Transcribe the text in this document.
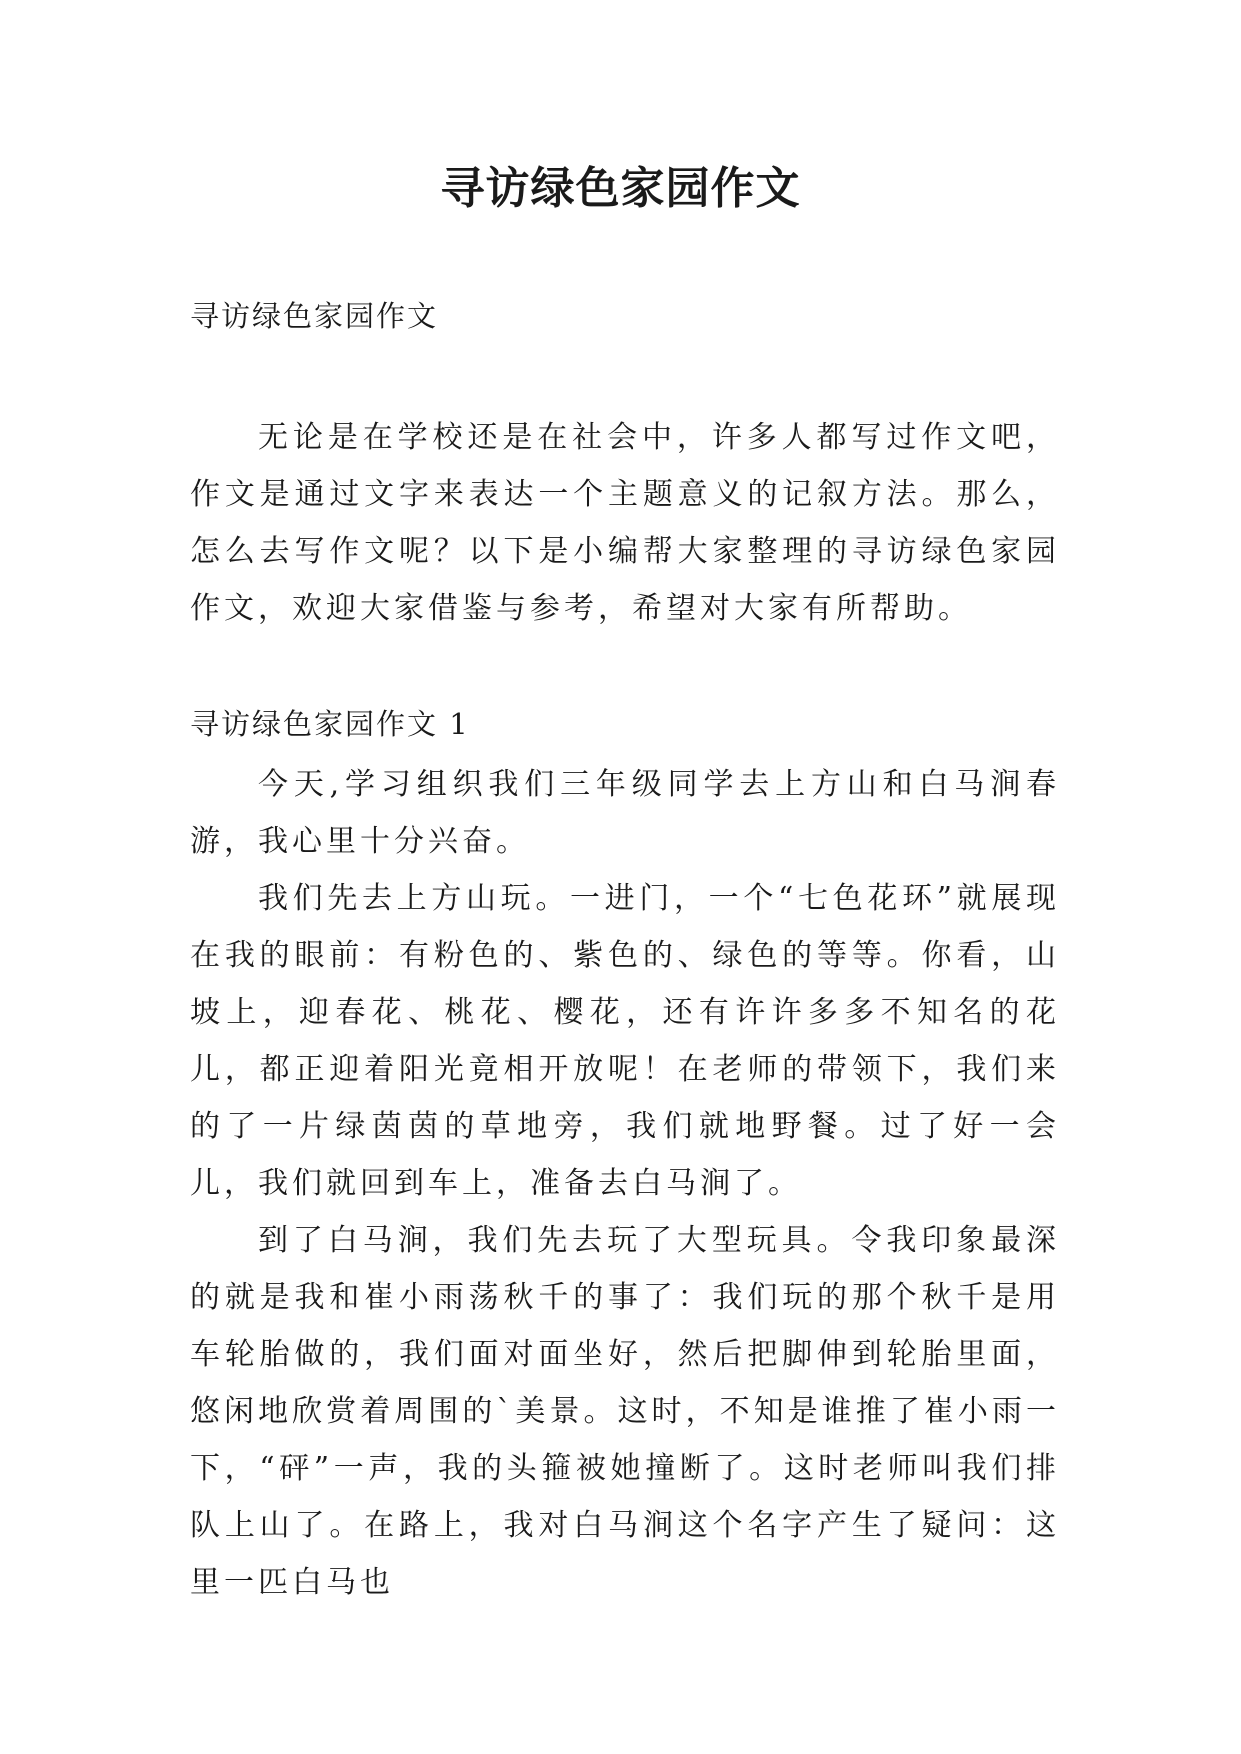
寻访绿色家园作文
寻访绿色家园作文

无论是在学校还是在社会中，许多人都写过作文吧，作文是通过文字来表达一个主题意义的记叙方法。那么，怎么去写作文呢？以下是小编帮大家整理的寻访绿色家园作文，欢迎大家借鉴与参考，希望对大家有所帮助。

寻访绿色家园作文 1

今天,学习组织我们三年级同学去上方山和白马涧春游，我心里十分兴奋。

我们先去上方山玩。一进门，一个“七色花环”就展现在我的眼前：有粉色的、紫色的、绿色的等等。你看，山坡上，迎春花、桃花、樱花，还有许许多多不知名的花儿，都正迎着阳光竟相开放呢！在老师的带领下，我们来的了一片绿茵茵的草地旁，我们就地野餐。过了好一会儿，我们就回到车上，准备去白马涧了。

到了白马涧，我们先去玩了大型玩具。令我印象最深的就是我和崔小雨荡秋千的事了：我们玩的那个秋千是用车轮胎做的，我们面对面坐好，然后把脚伸到轮胎里面，悠闲地欣赏着周围的`美景。这时，不知是谁推了崔小雨一下，“砰”一声，我的头箍被她撞断了。这时老师叫我们排队上山了。在路上，我对白马涧这个名字产生了疑问：这里一匹白马也
